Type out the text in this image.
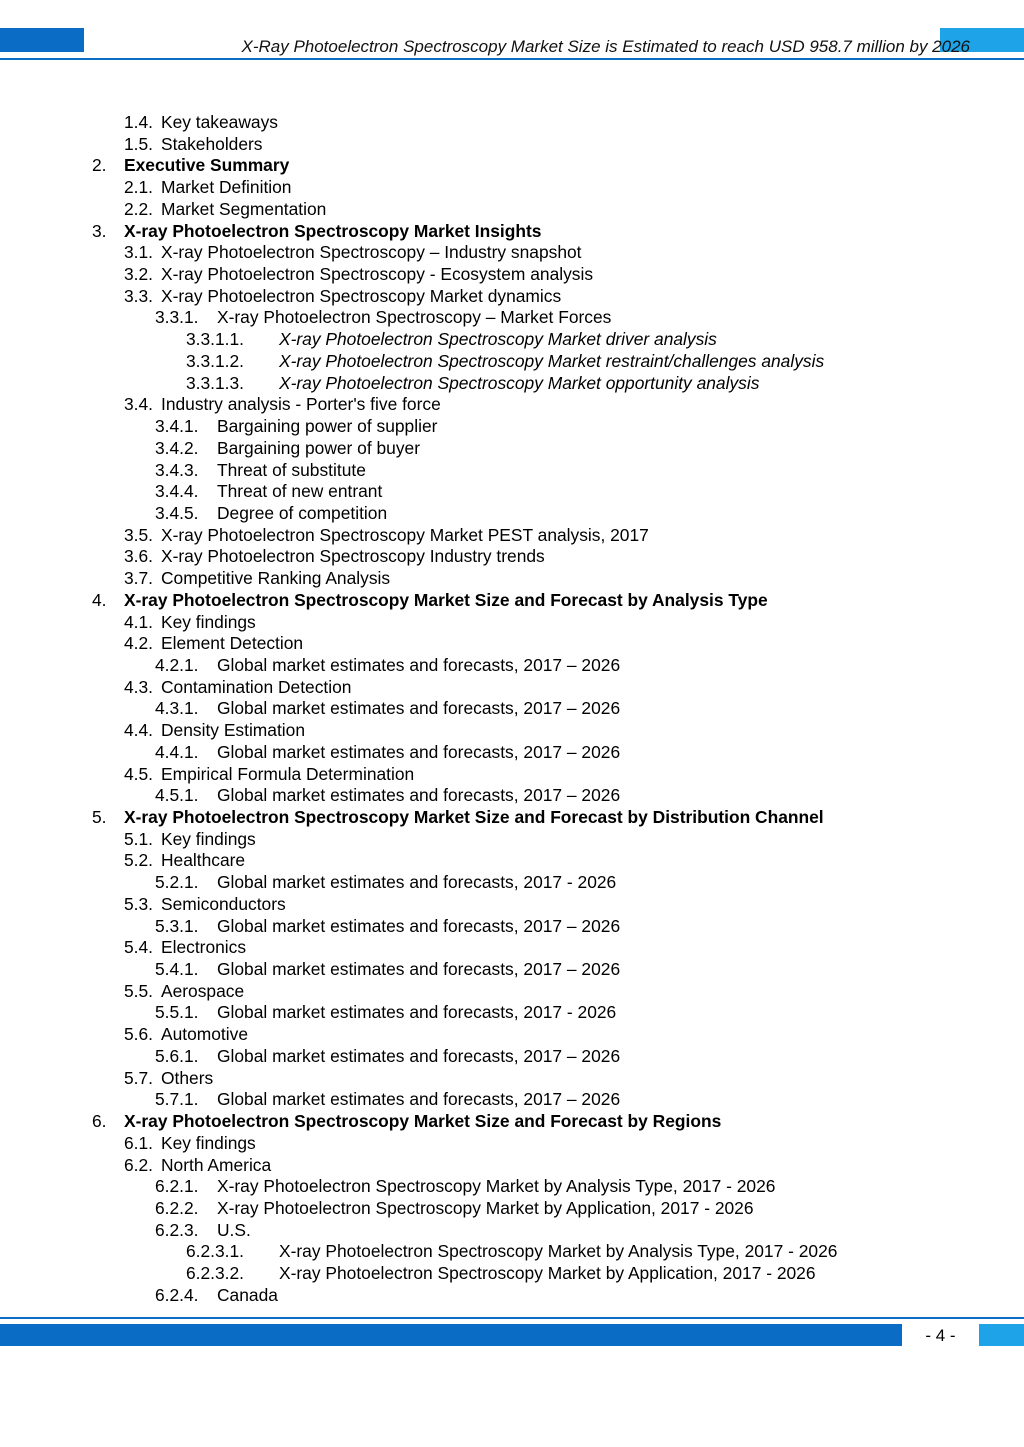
X-Ray Photoelectron Spectroscopy Market Size is Estimated to reach USD 958.7 million by 2026
1.4. Key takeaways
1.5. Stakeholders
2. Executive Summary
2.1. Market Definition
2.2. Market Segmentation
3. X-ray Photoelectron Spectroscopy Market Insights
3.1. X-ray Photoelectron Spectroscopy – Industry snapshot
3.2. X-ray Photoelectron Spectroscopy - Ecosystem analysis
3.3. X-ray Photoelectron Spectroscopy Market dynamics
3.3.1. X-ray Photoelectron Spectroscopy – Market Forces
3.3.1.1. X-ray Photoelectron Spectroscopy Market driver analysis
3.3.1.2. X-ray Photoelectron Spectroscopy Market restraint/challenges analysis
3.3.1.3. X-ray Photoelectron Spectroscopy Market opportunity analysis
3.4. Industry analysis - Porter's five force
3.4.1. Bargaining power of supplier
3.4.2. Bargaining power of buyer
3.4.3. Threat of substitute
3.4.4. Threat of new entrant
3.4.5. Degree of competition
3.5. X-ray Photoelectron Spectroscopy Market PEST analysis, 2017
3.6. X-ray Photoelectron Spectroscopy Industry trends
3.7. Competitive Ranking Analysis
4. X-ray Photoelectron Spectroscopy Market Size and Forecast by Analysis Type
4.1. Key findings
4.2. Element Detection
4.2.1. Global market estimates and forecasts, 2017 – 2026
4.3. Contamination Detection
4.3.1. Global market estimates and forecasts, 2017 – 2026
4.4. Density Estimation
4.4.1. Global market estimates and forecasts, 2017 – 2026
4.5. Empirical Formula Determination
4.5.1. Global market estimates and forecasts, 2017 – 2026
5. X-ray Photoelectron Spectroscopy Market Size and Forecast by Distribution Channel
5.1. Key findings
5.2. Healthcare
5.2.1. Global market estimates and forecasts, 2017 - 2026
5.3. Semiconductors
5.3.1. Global market estimates and forecasts, 2017 – 2026
5.4. Electronics
5.4.1. Global market estimates and forecasts, 2017 – 2026
5.5. Aerospace
5.5.1. Global market estimates and forecasts, 2017 - 2026
5.6. Automotive
5.6.1. Global market estimates and forecasts, 2017 – 2026
5.7. Others
5.7.1. Global market estimates and forecasts, 2017 – 2026
6. X-ray Photoelectron Spectroscopy Market Size and Forecast by Regions
6.1. Key findings
6.2. North America
6.2.1. X-ray Photoelectron Spectroscopy Market by Analysis Type, 2017 - 2026
6.2.2. X-ray Photoelectron Spectroscopy Market by Application, 2017 - 2026
6.2.3. U.S.
6.2.3.1. X-ray Photoelectron Spectroscopy Market by Analysis Type, 2017 - 2026
6.2.3.2. X-ray Photoelectron Spectroscopy Market by Application, 2017 - 2026
6.2.4. Canada
- 4 -
